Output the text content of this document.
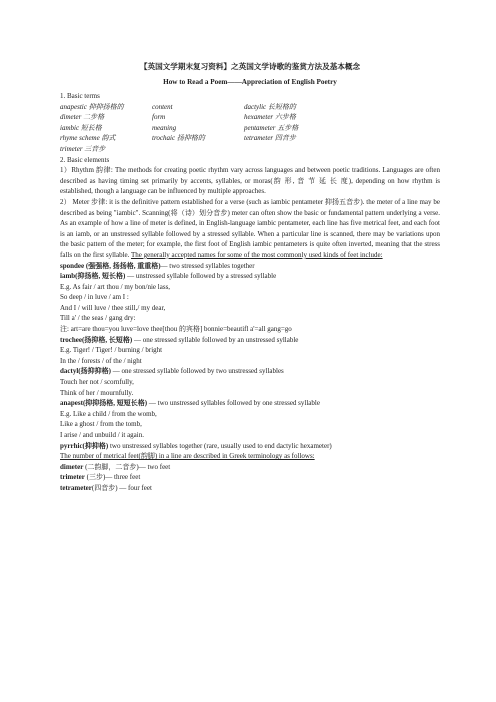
【英国文学期末复习资料】之英国文学诗歌的鉴赏方法及基本概念
How to Read a Poem——Appreciation of English Poetry
1. Basic terms
anapestic 抑抑扬格的	content	dactylic 长短格的
dimeter 二步格	form	hexameter 六步格
iambic 短长格	meaning	pentameter 五步格
rhyme scheme 韵式	trochaic 扬抑格的	tetrameter 四音步
trimeter 三音步
2. Basic elements
1）Rhythm 韵律: The methods for creating poetic rhythm vary across languages and between poetic traditions. Languages are often described as having timing set primarily by accents, syllables, or moras(韵 形, 音 节 延 长 度), depending on how rhythm is established, though a language can be influenced by multiple approaches.
2） Meter 步律: it is the definitive pattern established for a verse (such as iambic pentameter 抑扬五音步). the meter of a line may be described as being "iambic". Scanning(将（诗）划分音步) meter can often show the basic or fundamental pattern underlying a verse. As an example of how a line of meter is defined, in English-language iambic pentameter, each line has five metrical feet, and each foot is an iamb, or an unstressed syllable followed by a stressed syllable. When a particular line is scanned, there may be variations upon the basic pattern of the meter; for example, the first foot of English iambic pentameters is quite often inverted, meaning that the stress falls on the first syllable. The generally accepted names for some of the most commonly used kinds of feet include:
spondee (强强格, 扬扬格, 重重格)— two stressed syllables together
iamb(抑扬格, 短长格) — unstressed syllable followed by a stressed syllable
E.g. As fair / art thou / my bon/nie lass,
So deep / in luve / am I :
And I / will luve / thee still,/ my dear,
Till a' / the seas / gang dry:
注: art=are thou=you luve=love thee[thou 的宾格] bonnie=beautifl a'=all gang=go
trochee(扬抑格, 长短格) — one stressed syllable followed by an unstressed syllable
E.g. Tiger! / Tiger! / burning / bright
In the / forests / of the / night
dactyl(扬抑抑格) — one stressed syllable followed by two unstressed syllables
Touch her not / scornfully,
Think of her / mournfully.
anapest(抑抑扬格, 短短长格) — two unstressed syllables followed by one stressed syllable
E.g. Like a child / from the womb,
Like a ghost / from the tomb,
I arise / and unbuild / it again.
pyrrhic(抑抑格) two unstressed syllables together (rare, usually used to end dactylic hexameter)
The number of metrical feet(韵脚) in a line are described in Greek terminology as follows:
dimeter (二韵脚，二音步)— two feet
trimeter (三步)— three feet
tetrameter(四音步) — four feet
